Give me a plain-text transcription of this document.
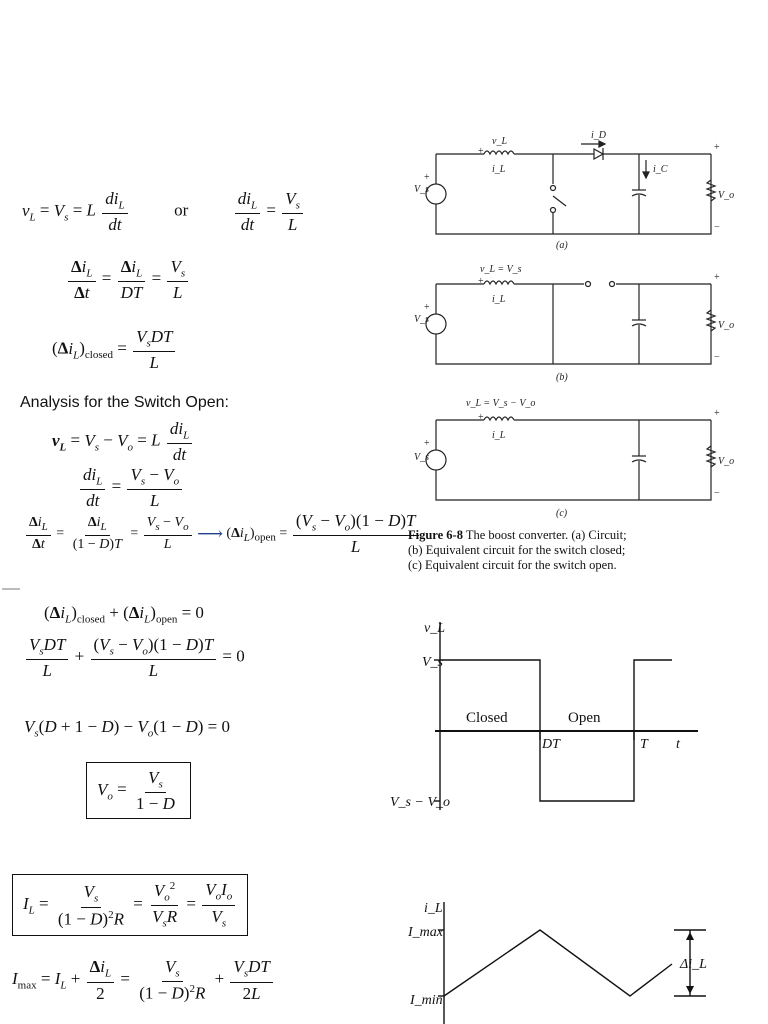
$v_L = V_s = L \frac{di_L}{dt}$	or	$\frac{di_L}{dt} = \frac{V_s}{L}$
$\frac{\Delta i_L}{\Delta t} = \frac{\Delta i_L}{DT} = \frac{V_s}{L}$
$(\Delta i_L)_{closed} = \frac{V_sDT}{L}$
Analysis for the Switch Open:
$v_L = V_s - V_o = L \frac{di_L}{dt}$
$\frac{di_L}{dt} = \frac{V_s - V_o}{L}$
$\frac{\Delta i_L}{\Delta t} = \frac{\Delta i_L}{(1 - D)T} = \frac{V_s - V_o}{L}$ ⟶ $(\Delta i_L)_{open} = \frac{(V_s - V_o)(1 - D)T}{L}$
$(\Delta i_L)_{closed} + (\Delta i_L)_{open} = 0$
$\frac{V_sDT}{L} + \frac{(V_s - V_o)(1 - D)T}{L} = 0$
$V_s(D + 1 - D) - V_o(1 - D) = 0$
$V_o = \frac{V_s}{1 - D}$
$I_L = \frac{V_s}{(1 - D)^2R} = \frac{V_o^2}{V_sR} = \frac{V_oI_o}{V_s}$
$I_{max} = I_L + \frac{\Delta i_L}{2} = \frac{V_s}{(1 - D)^2R} + \frac{V_sDT}{2L}$
V_s
v_L
i_L
i_D
i_C
V_o
(a)
V_s
v_L = V_s
i_L
V_o
(b)
V_s
v_L = V_s − V_o
i_L
V_o
(c)
+
+
+
−
+
+
+
−
+
+
+
−
Figure 6-8 The boost converter. (a) Circuit;
(b) Equivalent circuit for the switch closed;
(c) Equivalent circuit for the switch open.
v_L
V_s
V_s − V_o
DT	T t
Closed	Open
i_L
I_max
I_min
Δi_L
